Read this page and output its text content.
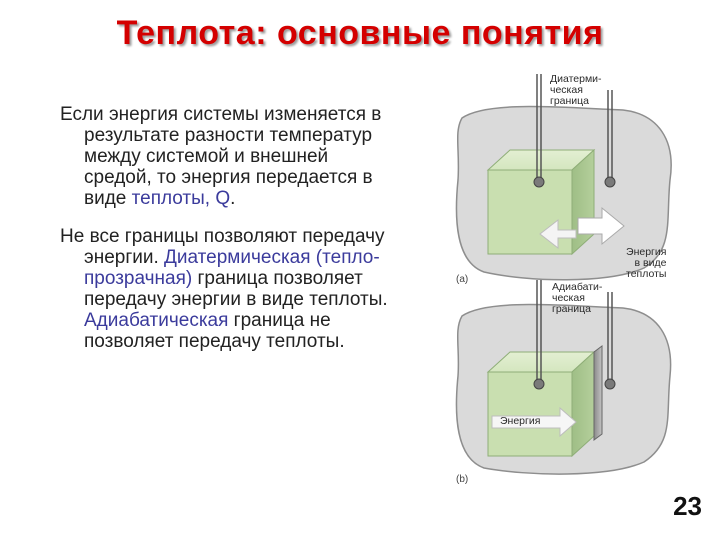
Теплота: основные понятия

Если энергия системы изменяется в результате разности температур между системой и внешней средой, то энергия передается в виде теплоты, Q.

Не все границы позволяют передачу энергии. Диатермическая (тепло-прозрачная) граница позволяет передачу энергии в виде теплоты. Адиабатическая граница не позволяет передачу теплоты.

Диатерми-
ческая
граница
Энергия
в виде
теплоты
(a)
Адиабати-
ческая
граница
Энергия
(b)
23
